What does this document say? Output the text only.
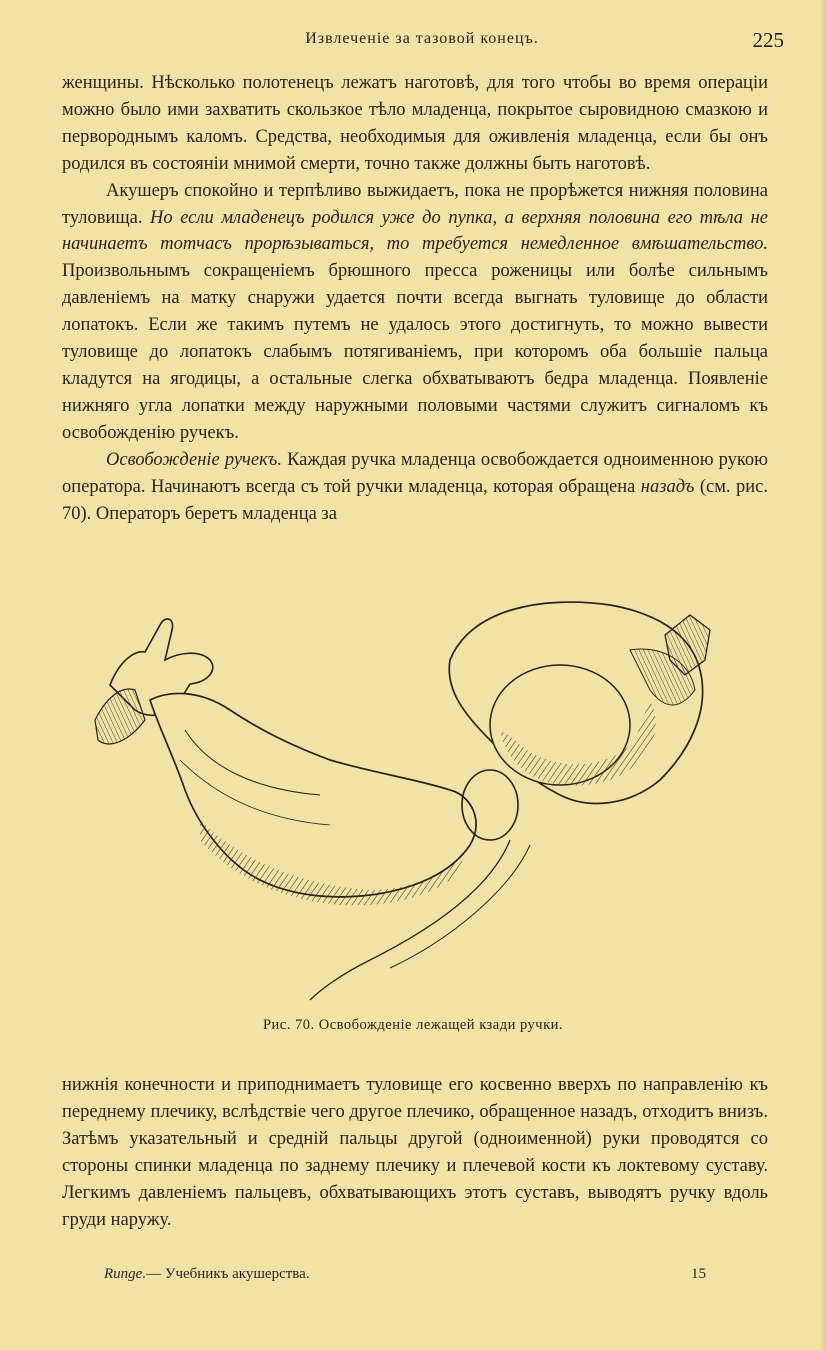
Извлеченіе за тазовой конецъ.	225

женщины. Нѣсколько полотенецъ лежатъ наготовѣ, для того чтобы во время операціи можно было ими захватить скользкое тѣло младенца, покрытое сыровидною смазкою и первороднымъ каломъ. Средства, необходимыя для оживленія младенца, если бы онъ родился въ состояніи мнимой смерти, точно также должны быть наготовѣ.

Акушеръ спокойно и терпѣливо выжидаетъ, пока не прорѣжется нижняя половина туловища. Но если младенецъ родился уже до пупка, а верхняя половина его тѣла не начинаетъ тотчасъ прорѣзываться, то требуется немедленное вмѣшательство. Произвольнымъ сокращеніемъ брюшного пресса роженицы или болѣе сильнымъ давленіемъ на матку снаружи удается почти всегда выгнать туловище до области лопатокъ. Если же такимъ путемъ не удалось этого достигнуть, то можно вывести туловище до лопатокъ слабымъ потягиваніемъ, при которомъ оба большіе пальца кладутся на ягодицы, а остальные слегка обхватываютъ бедра младенца. Появленіе нижняго угла лопатки между наружными половыми частями служитъ сигналомъ къ освобожденію ручекъ.

Освобожденіе ручекъ. Каждая ручка младенца освобождается одноименною рукою оператора. Начинаютъ всегда съ той ручки младенца, которая обращена назадъ (см. рис. 70). Операторъ беретъ младенца за

Рис. 70. Освобожденіе лежащей кзади ручки.

нижнія конечности и приподнимаетъ туловище его косвенно вверхъ по направленію къ переднему плечику, вслѣдствіе чего другое плечико, обращенное назадъ, отходитъ внизъ. Затѣмъ указательный и средній пальцы другой (одноименной) руки проводятся со стороны спинки младенца по заднему плечику и плечевой кости къ локтевому суставу. Легкимъ давленіемъ пальцевъ, обхватывающихъ этотъ суставъ, выводятъ ручку вдоль груди наружу.

Runge.— Учебникъ акушерства.	15
